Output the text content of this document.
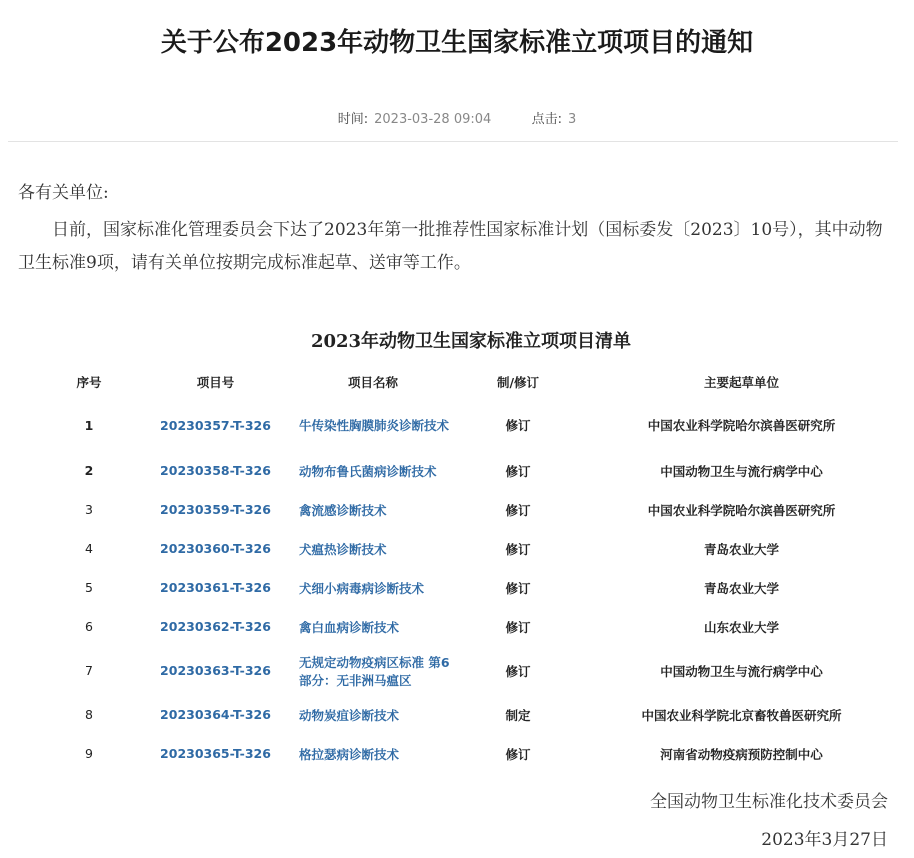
关于公布2023年动物卫生国家标准立项项目的通知
时间: 2023-03-28 09:04	点击: 3
各有关单位:
日前，国家标准化管理委员会下达了2023年第一批推荐性国家标准计划（国标委发〔2023〕10号），其中动物卫生标准9项，请有关单位按期完成标准起草、送审等工作。
2023年动物卫生国家标准立项项目清单
序号	项目号	项目名称	制/修订	主要起草单位
1	20230357-T-326	牛传染性胸膜肺炎诊断技术	修订	中国农业科学院哈尔滨兽医研究所
2	20230358-T-326	动物布鲁氏菌病诊断技术	修订	中国动物卫生与流行病学中心
3	20230359-T-326	禽流感诊断技术	修订	中国农业科学院哈尔滨兽医研究所
4	20230360-T-326	犬瘟热诊断技术	修订	青岛农业大学
5	20230361-T-326	犬细小病毒病诊断技术	修订	青岛农业大学
6	20230362-T-326	禽白血病诊断技术	修订	山东农业大学
7	20230363-T-326	无规定动物疫病区标准 第6部分：无非洲马瘟区	修订	中国动物卫生与流行病学中心
8	20230364-T-326	动物炭疽诊断技术	制定	中国农业科学院北京畜牧兽医研究所
9	20230365-T-326	格拉瑟病诊断技术	修订	河南省动物疫病预防控制中心
全国动物卫生标准化技术委员会
2023年3月27日
